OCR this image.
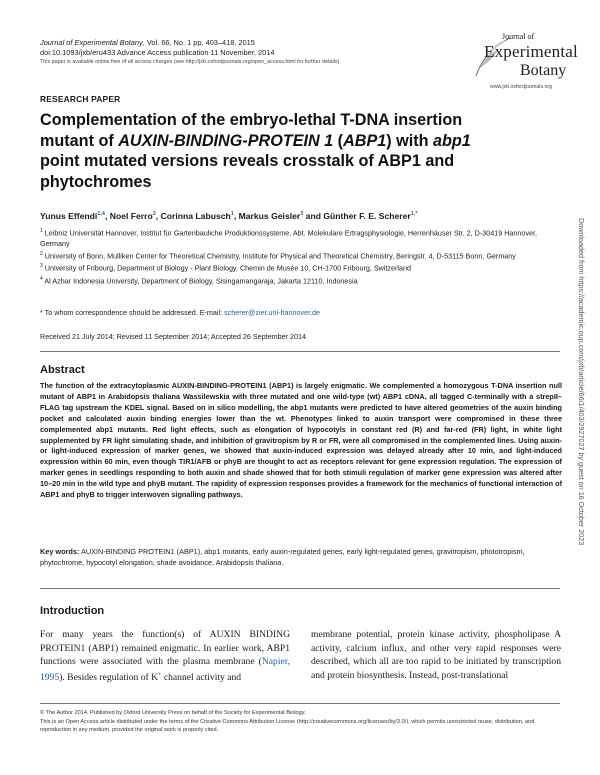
Journal of Experimental Botany, Vol. 66, No. 1 pp. 403–418, 2015
doi:10.1093/jxb/eru433 Advance Access publication 11 November, 2014
This paper is available online free of all access charges (see http://jxb.oxfordjournals.org/open_access.html for further details)
Journal of
Experimental
Botany
www.jxb.oxfordjournals.org
RESEARCH PAPER
Complementation of the embryo-lethal T-DNA insertion mutant of AUXIN-BINDING-PROTEIN 1 (ABP1) with abp1 point mutated versions reveals crosstalk of ABP1 and phytochromes
Yunus Effendi$^{1,4}$, Noel Ferro$^2$, Corinna Labusch$^1$, Markus Geisler$^3$ and Günther F. E. Scherer$^{1,*}$

$^1$ Leibniz Universität Hannover, Institut für Gartenbauliche Produktionssysteme, Abt. Molekulare Ertragsphysiologie, Herrenhäuser Str. 2, D-30419 Hannover, Germany

$^2$ University of Bonn, Mulliken Center for Theoretical Chemistry, Institute for Physical and Theoretical Chemistry, Beringstr. 4, D-53115 Bonn, Germany

$^3$ University of Fribourg, Department of Biology - Plant Biology, Chemin de Musée 10, CH-1700 Fribourg, Switzerland

$^4$ Al Azhar Indonesia University, Department of Biology, Sisingamangaraja, Jakarta 12110, Indonesia

* To whom correspondence should be addressed. E-mail: scherer@zier.uni-hannover.de
Received 21 July 2014; Revised 11 September 2014; Accepted 26 September 2014
Abstract
The function of the extracytoplasmic AUXIN-BINDING-PROTEIN1 (ABP1) is largely enigmatic. We complemented a homozygous T-DNA insertion null mutant of ABP1 in Arabidopsis thaliana Wassilewskia with three mutated and one wild-type (wt) ABP1 cDNA, all tagged C-terminally with a strepII–FLAG tag upstream the KDEL signal. Based on in silico modelling, the abp1 mutants were predicted to have altered geometries of the auxin binding pocket and calculated auxin binding energies lower than the wt. Phenotypes linked to auxin transport were compromised in these three complemented abp1 mutants. Red light effects, such as elongation of hypocotyls in constant red (R) and far-red (FR) light, in white light supplemented by FR light simulating shade, and inhibition of gravitropism by R or FR, were all compromised in the complemented lines. Using auxin- or light-induced expression of marker genes, we showed that auxin-induced expression was delayed already after 10 min, and light-induced expression within 60 min, even though TIR1/AFB or phyB are thought to act as receptors relevant for gene expression regulation. The expression of marker genes in seedlings responding to both auxin and shade showed that for both stimuli regulation of marker gene expression was altered after 10–20 min in the wild type and phyB mutant. The rapidity of expression responses provides a framework for the mechanics of functional interaction of ABP1 and phyB to trigger interwoven signalling pathways.
Key words: AUXIN-BINDING PROTEIN1 (ABP1), abp1 mutants, early auxin-regulated genes, early light-regulated genes, gravitropism, phototropism, phytochrome, hypocotyl elongation, shade avoidance, Arabidopsis thaliana.
Introduction
For many years the function(s) of AUXIN BINDING PROTEIN1 (ABP1) remained enigmatic. In earlier work, ABP1 functions were associated with the plasma membrane (Napier, 1995). Besides regulation of K+ channel activity and
membrane potential, protein kinase activity, phospholipase A activity, calcium influx, and other very rapid responses were described, which all are too rapid to be initiated by transcription and protein biosynthesis. Instead, post-translational
© The Author 2014. Published by Oxford University Press on behalf of the Society for Experimental Biology.
This is an Open Access article distributed under the terms of the Creative Commons Attribution License (http://creativecommons.org/licenses/by/3.0/), which permits unrestricted reuse, distribution, and reproduction in any medium, provided the original work is properly cited.
Downloaded from https://academic.oup.com/jxb/article/66/1/403/2927027 by guest on 16 October 2023
